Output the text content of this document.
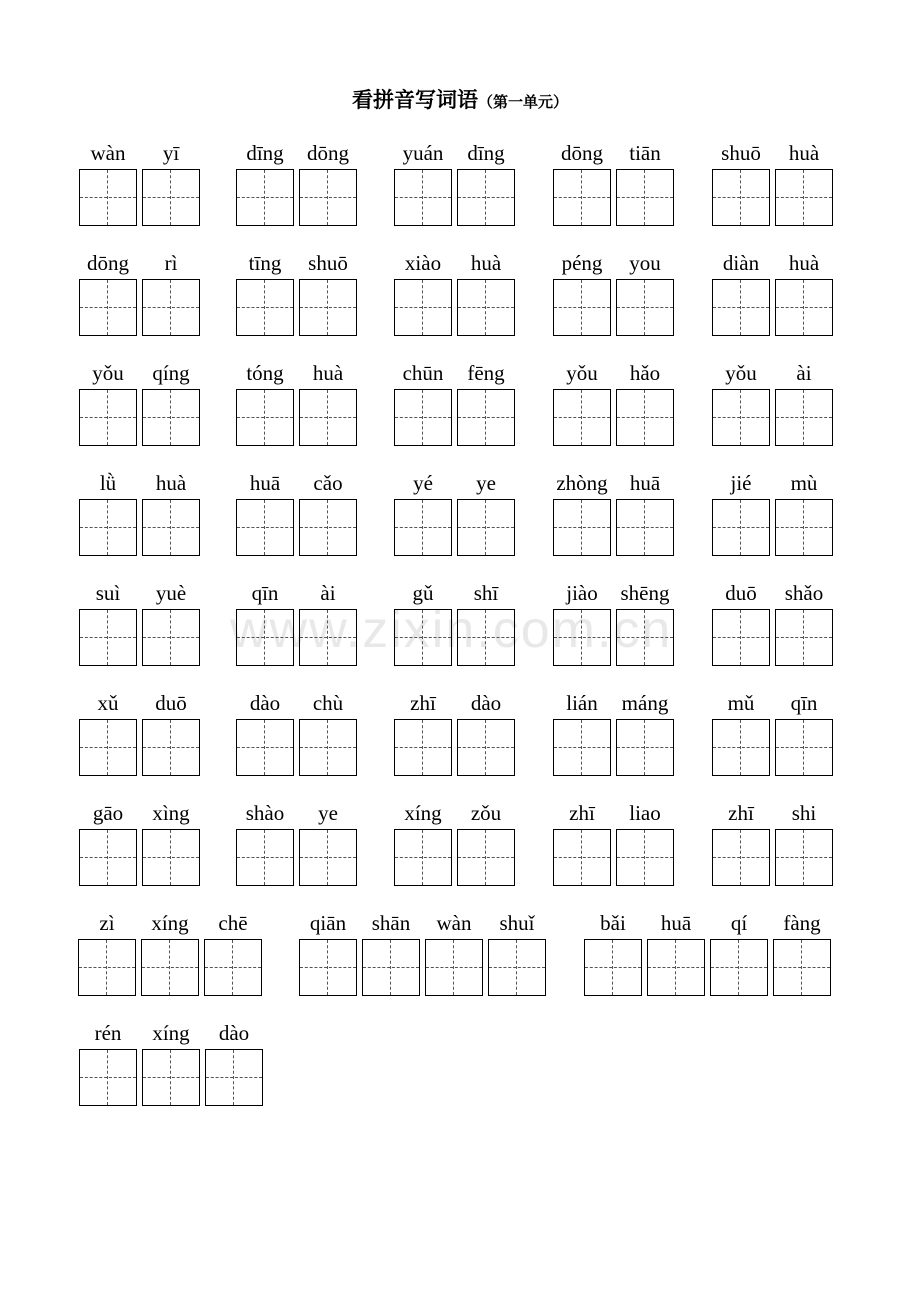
看拼音写词语（第一单元）
www.zixin.com.cn
wàn	yī	dīng	dōng	yuán	dīng	dōng	tiān	shuō	huà
dōng	rì	tīng	shuō	xiào	huà	péng	you	diàn	huà
yǒu	qíng	tóng	huà	chūn	fēng	yǒu	hǎo	yǒu	ài
lǜ	huà	huā	cǎo	yé	ye	zhòng	huā	jié	mù
suì	yuè	qīn	ài	gǔ	shī	jiào	shēng	duō	shǎo
xǔ	duō	dào	chù	zhī	dào	lián	máng	mǔ	qīn
gāo	xìng	shào	ye	xíng	zǒu	zhī	liao	zhī	shi
zì	xíng	chē	qiān	shān	wàn	shuǐ	bǎi	huā	qí	fàng
rén	xíng	dào
